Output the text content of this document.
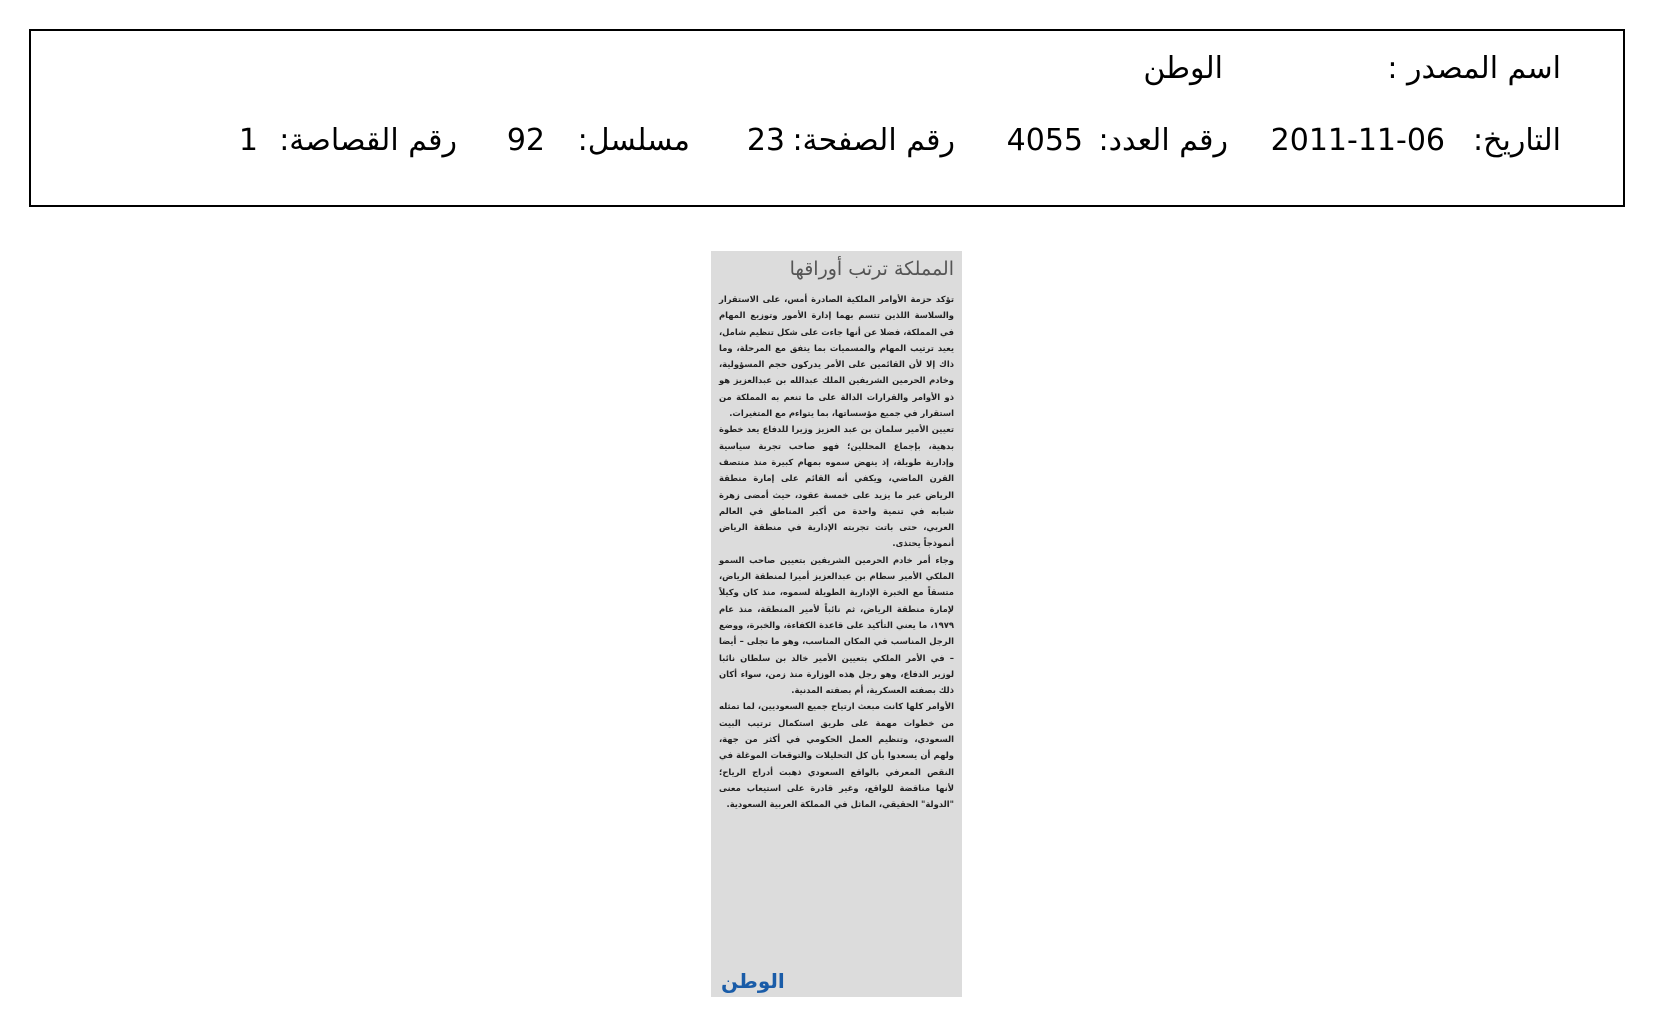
اسم المصدر :
الوطن
التاريخ:
2011-11-06
رقم العدد:
4055
رقم الصفحة:
23
مسلسل:
92
رقم القصاصة:
1
المملكة ترتب أوراقها

تؤكد حزمة الأوامر الملكية الصادرة أمس، على الاستقرار والسلاسة اللذين تتسم بهما إدارة الأمور وتوزيع المهام في المملكة، فضلا عن أنها جاءت على شكل تنظيم شامل، يعيد ترتيب المهام والمسميات بما يتفق مع المرحلة، وما ذاك إلا لأن القائمين على الأمر يدركون حجم المسؤولية، وخادم الحرمين الشريفين الملك عبدالله بن عبدالعزيز هو ذو الأوامر والقرارات الدالة على ما تنعم به المملكة من استقرار في جميع مؤسساتها، بما يتواءم مع المتغيرات.

تعيين الأمير سلمان بن عبد العزيز وزيرا للدفاع يعد خطوة بدهية، بإجماع المحللين؛ فهو صاحب تجربة سياسية وإدارية طويلة، إذ ينهض سموه بمهام كبيرة منذ منتصف القرن الماضي، ويكفي أنه القائم على إمارة منطقة الرياض عبر ما يزيد على خمسة عقود، حيث أمضى زهرة شبابه في تنمية واحدة من أكبر المناطق في العالم العربي، حتى باتت تجربته الإدارية في منطقة الرياض أنموذجاً يحتذى.

وجاء أمر خادم الحرمين الشريفين بتعيين صاحب السمو الملكي الأمير سطام بن عبدالعزيز أميرا لمنطقة الرياض، متسقاً مع الخبرة الإدارية الطويلة لسموه، منذ كان وكيلاً لإمارة منطقة الرياض، ثم نائباً لأمير المنطقة، منذ عام ١٩٧٩، ما يعني التأكيد على قاعدة الكفاءة، والخبرة، ووضع الرجل المناسب في المكان المناسب، وهو ما تجلى – أيضا – في الأمر الملكي بتعيين الأمير خالد بن سلطان نائبا لوزير الدفاع، وهو رجل هذه الوزارة منذ زمن، سواء أكان ذلك بصفته العسكرية، أم بصفته المدنية.

الأوامر كلها كانت مبعث ارتياح جميع السعوديين، لما تمثله من خطوات مهمة على طريق استكمال ترتيب البيت السعودي، وتنظيم العمل الحكومي في أكثر من جهة، ولهم أن يسعدوا بأن كل التحليلات والتوقعات الموغلة في النقص المعرفي بالواقع السعودي ذهبت أدراج الرياح؛ لأنها مناقضة للواقع، وغير قادرة على استيعاب معنى "الدولة" الحقيقي، الماثل في المملكة العربية السعودية.

الوطن
